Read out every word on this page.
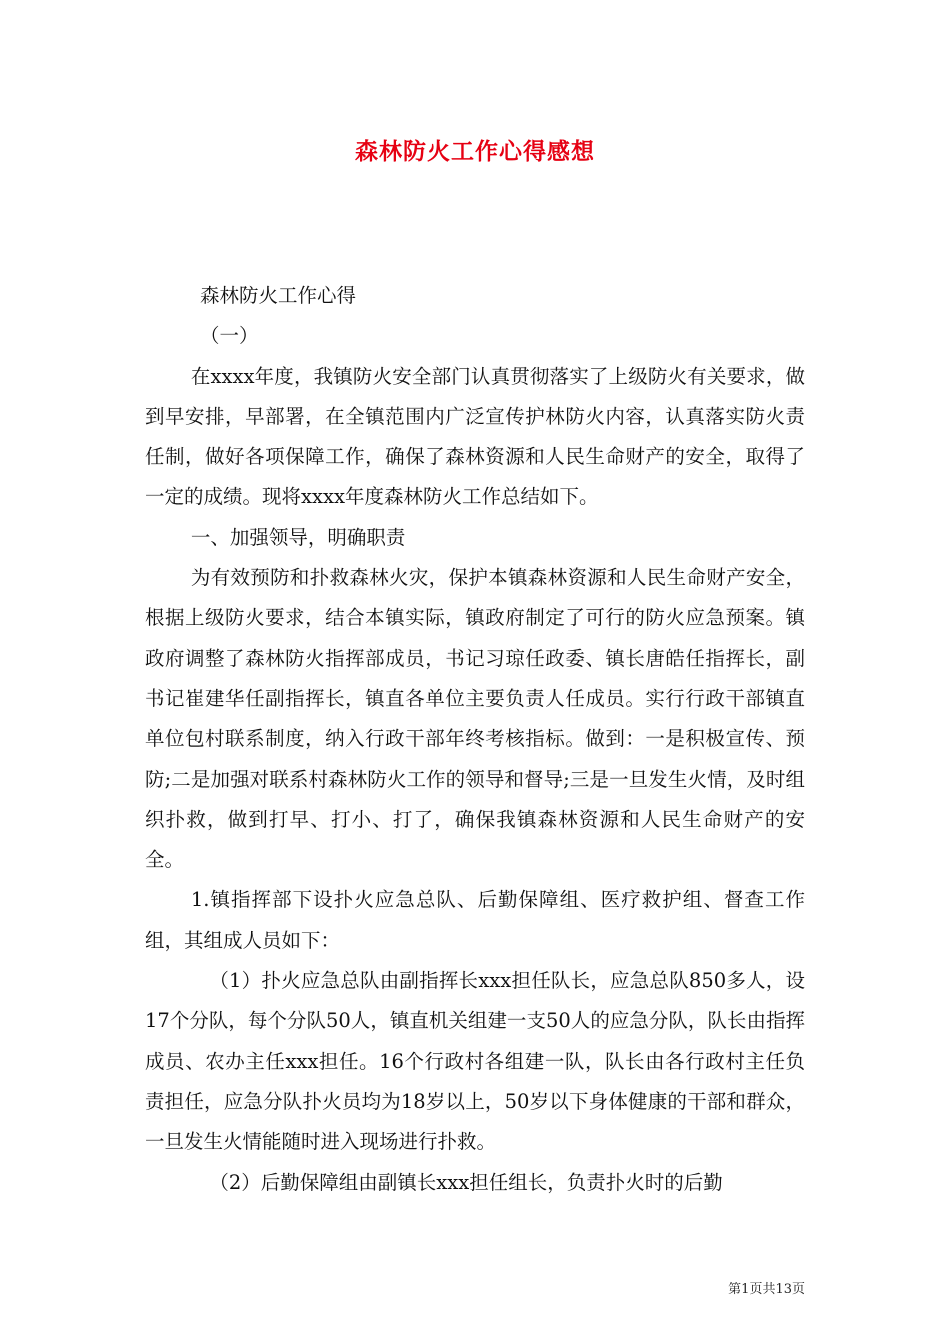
森林防火工作心得感想

森林防火工作心得

（一）

在xxxx年度，我镇防火安全部门认真贯彻落实了上级防火有关要求，做到早安排，早部署，在全镇范围内广泛宣传护林防火内容，认真落实防火责任制，做好各项保障工作，确保了森林资源和人民生命财产的安全，取得了一定的成绩。现将xxxx年度森林防火工作总结如下。

一、加强领导，明确职责

为有效预防和扑救森林火灾，保护本镇森林资源和人民生命财产安全，根据上级防火要求，结合本镇实际，镇政府制定了可行的防火应急预案。镇政府调整了森林防火指挥部成员，书记习琼任政委、镇长唐皓任指挥长，副书记崔建华任副指挥长，镇直各单位主要负责人任成员。实行行政干部镇直单位包村联系制度，纳入行政干部年终考核指标。做到：一是积极宣传、预防;二是加强对联系村森林防火工作的领导和督导;三是一旦发生火情，及时组织扑救，做到打早、打小、打了，确保我镇森林资源和人民生命财产的安全。

1.镇指挥部下设扑火应急总队、后勤保障组、医疗救护组、督查工作组，其组成人员如下：

（1）扑火应急总队由副指挥长xxx担任队长，应急总队850多人，设17个分队，每个分队50人，镇直机关组建一支50人的应急分队，队长由指挥成员、农办主任xxx担任。16个行政村各组建一队，队长由各行政村主任负责担任，应急分队扑火员均为18岁以上，50岁以下身体健康的干部和群众，一旦发生火情能随时进入现场进行扑救。

（2）后勤保障组由副镇长xxx担任组长，负责扑火时的后勤

第1页共13页
